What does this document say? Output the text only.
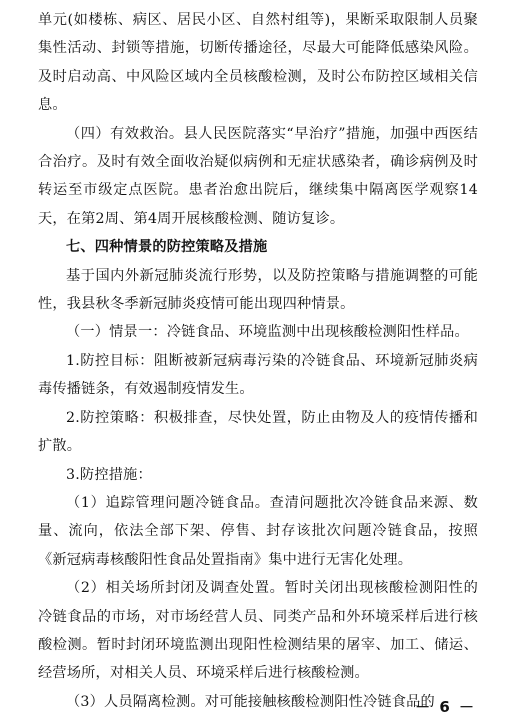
单元(如楼栋、病区、居民小区、自然村组等)，果断采取限制人员聚集性活动、封锁等措施，切断传播途径，尽最大可能降低感染风险。及时启动高、中风险区域内全员核酸检测，及时公布防控区域相关信息。

（四）有效救治。县人民医院落实“早治疗”措施，加强中西医结合治疗。及时有效全面收治疑似病例和无症状感染者，确诊病例及时转运至市级定点医院。患者治愈出院后，继续集中隔离医学观察14天，在第2周、第4周开展核酸检测、随访复诊。

七、四种情景的防控策略及措施

基于国内外新冠肺炎流行形势，以及防控策略与措施调整的可能性，我县秋冬季新冠肺炎疫情可能出现四种情景。

（一）情景一：冷链食品、环境监测中出现核酸检测阳性样品。

1.防控目标：阻断被新冠病毒污染的冷链食品、环境新冠肺炎病毒传播链条，有效遏制疫情发生。

2.防控策略：积极排查，尽快处置，防止由物及人的疫情传播和扩散。

3.防控措施：

（1）追踪管理问题冷链食品。查清问题批次冷链食品来源、数量、流向，依法全部下架、停售、封存该批次问题冷链食品，按照《新冠病毒核酸阳性食品处置指南》集中进行无害化处理。

（2）相关场所封闭及调查处置。暂时关闭出现核酸检测阳性的冷链食品的市场，对市场经营人员、同类产品和外环境采样后进行核酸检测。暂时封闭环境监测出现阳性检测结果的屠宰、加工、储运、经营场所，对相关人员、环境采样后进行核酸检测。

（3）人员隔离检测。对可能接触核酸检测阳性冷链食品的

－ 6 －
